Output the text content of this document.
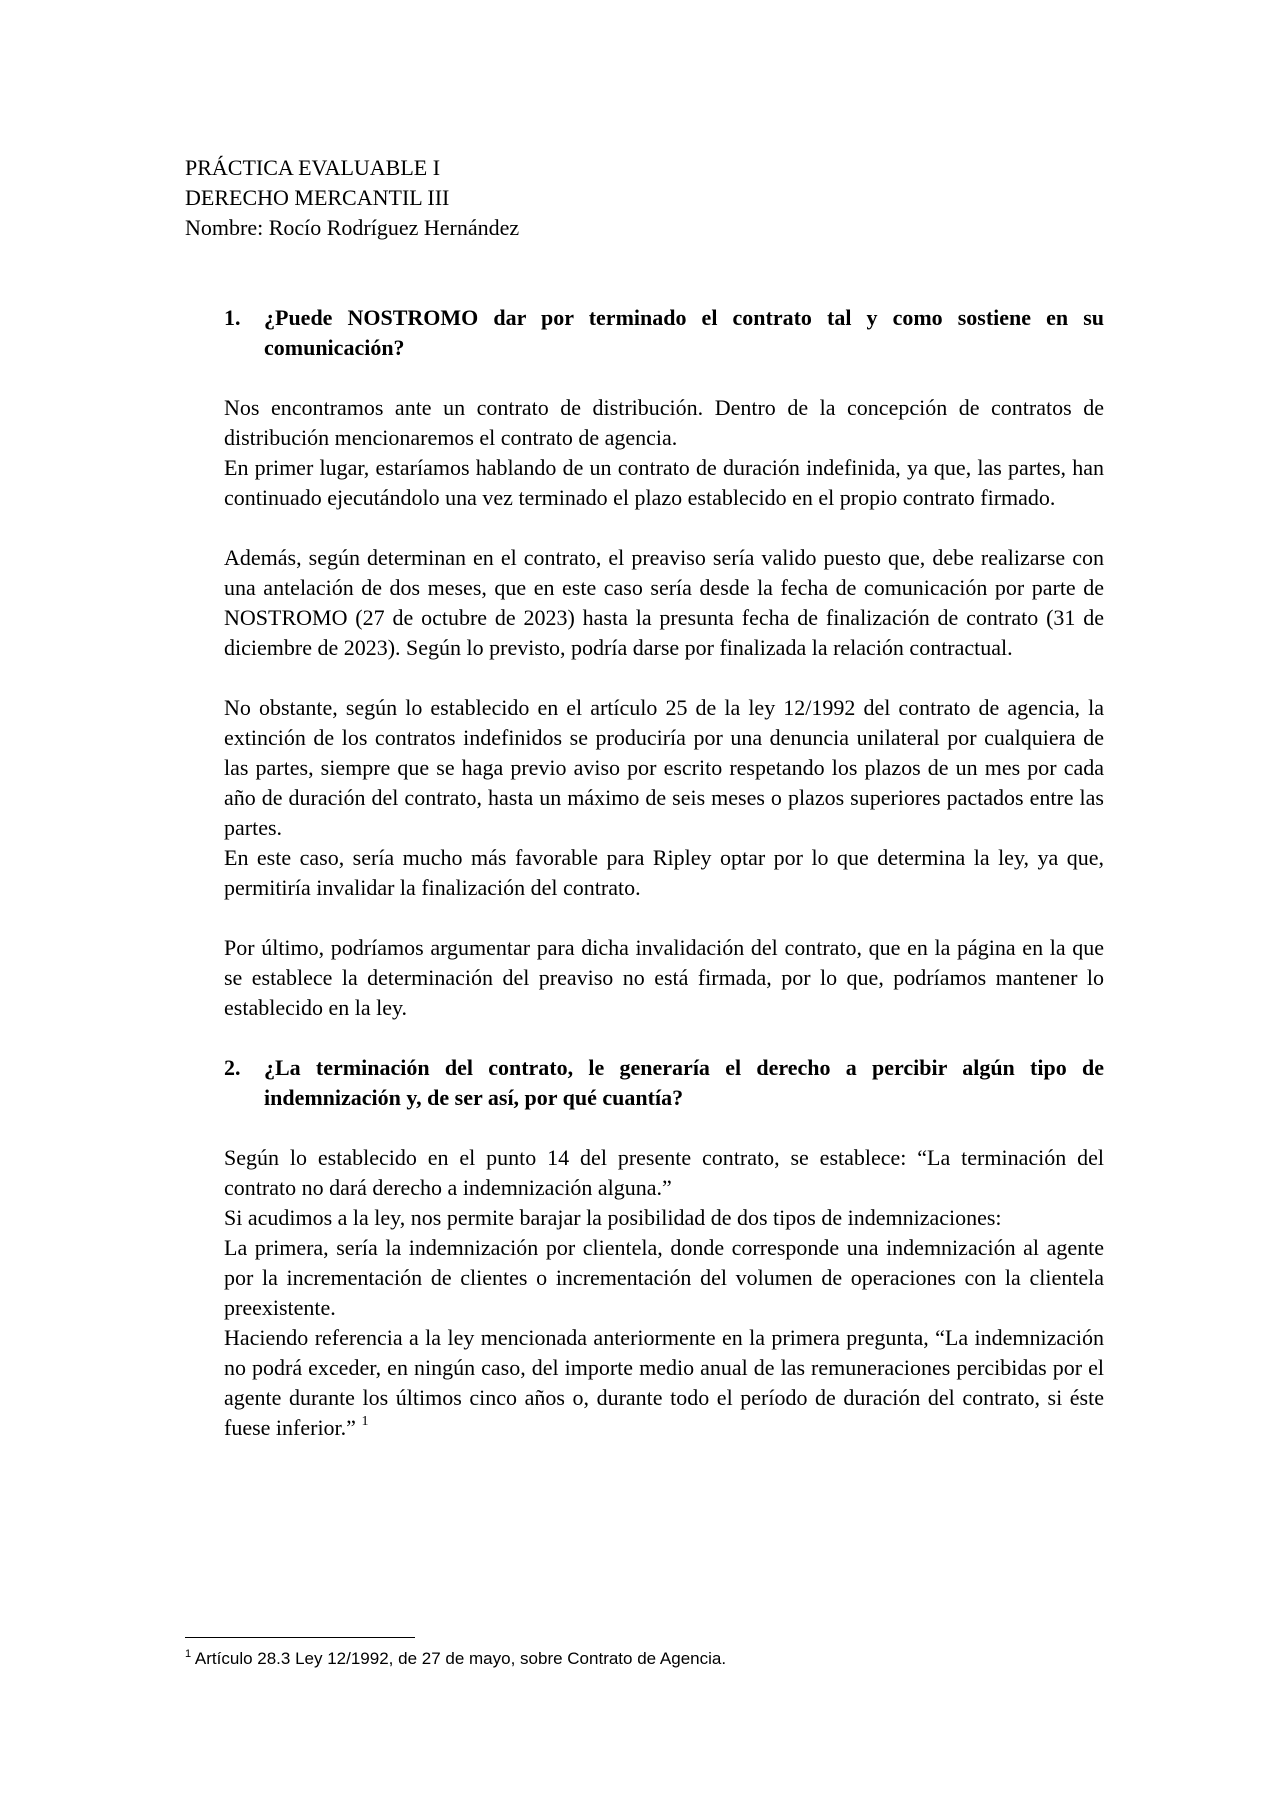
PRÁCTICA EVALUABLE I
DERECHO MERCANTIL III
Nombre: Rocío Rodríguez Hernández
1. ¿Puede NOSTROMO dar por terminado el contrato tal y como sostiene en su comunicación?

Nos encontramos ante un contrato de distribución. Dentro de la concepción de contratos de distribución mencionaremos el contrato de agencia.

En primer lugar, estaríamos hablando de un contrato de duración indefinida, ya que, las partes, han continuado ejecutándolo una vez terminado el plazo establecido en el propio contrato firmado.

Además, según determinan en el contrato, el preaviso sería valido puesto que, debe realizarse con una antelación de dos meses, que en este caso sería desde la fecha de comunicación por parte de NOSTROMO (27 de octubre de 2023) hasta la presunta fecha de finalización de contrato (31 de diciembre de 2023). Según lo previsto, podría darse por finalizada la relación contractual.

No obstante, según lo establecido en el artículo 25 de la ley 12/1992 del contrato de agencia, la extinción de los contratos indefinidos se produciría por una denuncia unilateral por cualquiera de las partes, siempre que se haga previo aviso por escrito respetando los plazos de un mes por cada año de duración del contrato, hasta un máximo de seis meses o plazos superiores pactados entre las partes.

En este caso, sería mucho más favorable para Ripley optar por lo que determina la ley, ya que, permitiría invalidar la finalización del contrato.

Por último, podríamos argumentar para dicha invalidación del contrato, que en la página en la que se establece la determinación del preaviso no está firmada, por lo que, podríamos mantener lo establecido en la ley.

2. ¿La terminación del contrato, le generaría el derecho a percibir algún tipo de indemnización y, de ser así, por qué cuantía?

Según lo establecido en el punto 14 del presente contrato, se establece: “La terminación del contrato no dará derecho a indemnización alguna.”

Si acudimos a la ley, nos permite barajar la posibilidad de dos tipos de indemnizaciones:

La primera, sería la indemnización por clientela, donde corresponde una indemnización al agente por la incrementación de clientes o incrementación del volumen de operaciones con la clientela preexistente.

Haciendo referencia a la ley mencionada anteriormente en la primera pregunta, “La indemnización no podrá exceder, en ningún caso, del importe medio anual de las remuneraciones percibidas por el agente durante los últimos cinco años o, durante todo el período de duración del contrato, si éste fuese inferior.” $^1$

$^1$ Artículo 28.3 Ley 12/1992, de 27 de mayo, sobre Contrato de Agencia.
